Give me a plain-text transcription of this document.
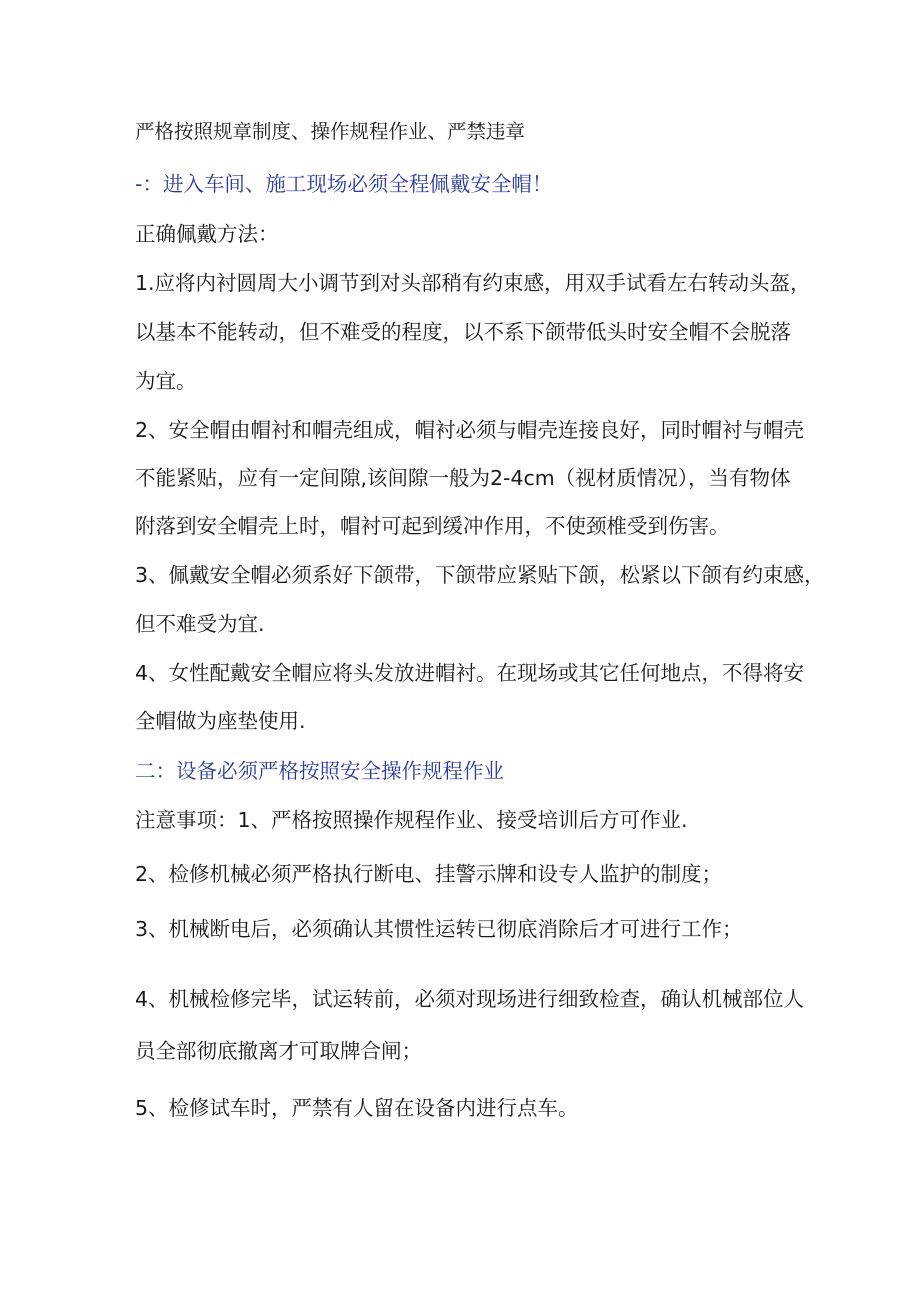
严格按照规章制度、操作规程作业、严禁违章

-：进入车间、施工现场必须全程佩戴安全帽！

正确佩戴方法：

1.应将内衬圆周大小调节到对头部稍有约束感，用双手试看左右转动头盔，

以基本不能转动，但不难受的程度，以不系下颌带低头时安全帽不会脱落

为宜。

2、安全帽由帽衬和帽壳组成，帽衬必须与帽壳连接良好，同时帽衬与帽壳

不能紧贴，应有一定间隙,该间隙一般为2-4cm（视材质情况），当有物体

附落到安全帽壳上时，帽衬可起到缓冲作用，不使颈椎受到伤害。

3、佩戴安全帽必须系好下颌带，下颌带应紧贴下颌，松紧以下颌有约束感，

但不难受为宜.

4、女性配戴安全帽应将头发放进帽衬。在现场或其它任何地点，不得将安

全帽做为座垫使用.

二：设备必须严格按照安全操作规程作业

注意事项：1、严格按照操作规程作业、接受培训后方可作业.

2、检修机械必须严格执行断电、挂警示牌和设专人监护的制度；

3、机械断电后，必须确认其惯性运转已彻底消除后才可进行工作；

4、机械检修完毕，试运转前，必须对现场进行细致检查，确认机械部位人

员全部彻底撤离才可取牌合闸；

5、检修试车时，严禁有人留在设备内进行点车。
